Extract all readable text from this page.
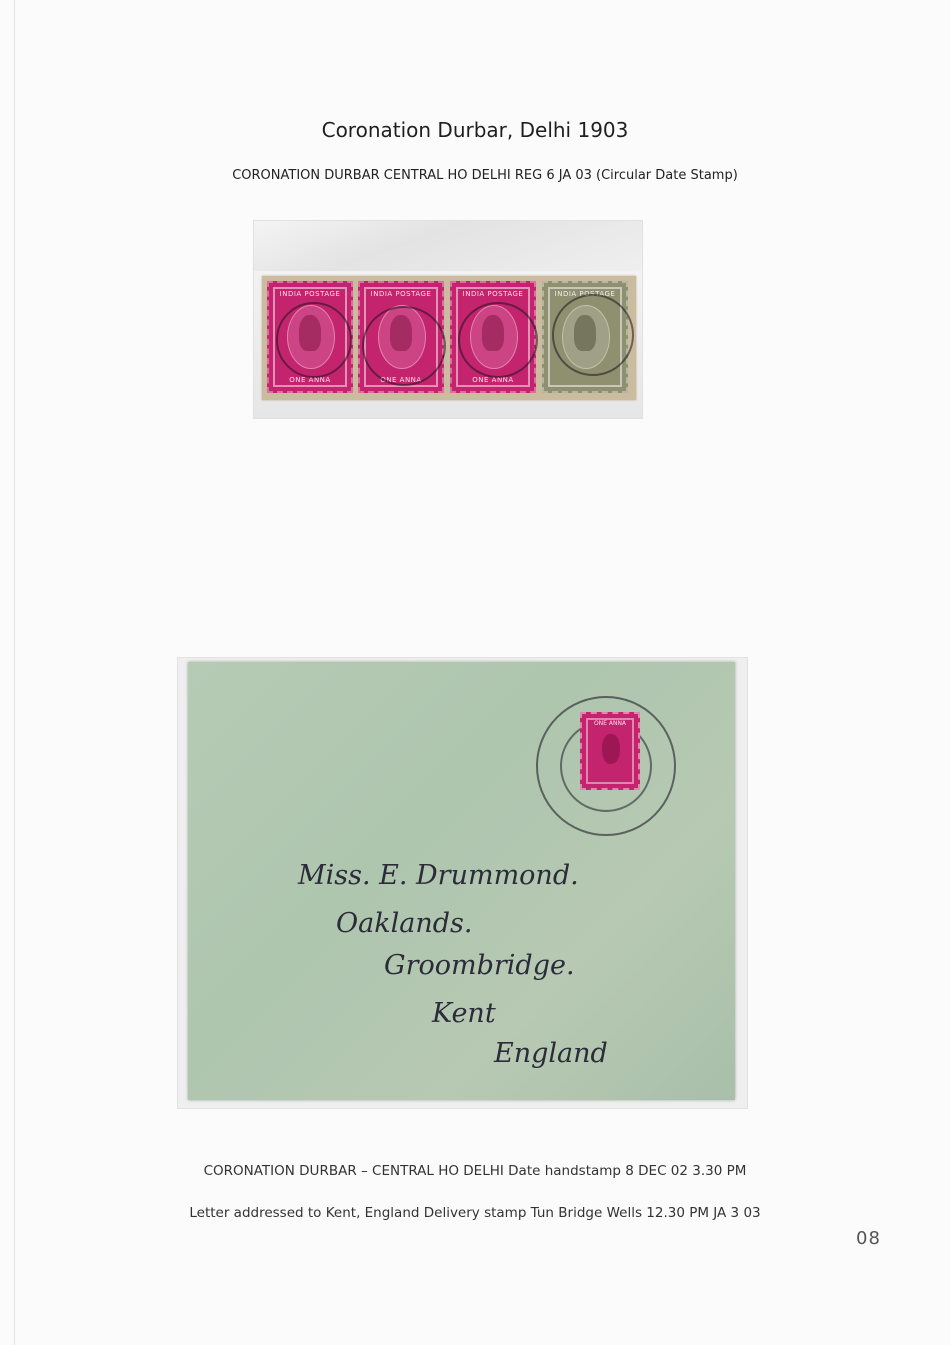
Coronation Durbar, Delhi 1903
CORONATION DURBAR CENTRAL HO DELHI REG 6 JA 03 (Circular Date Stamp)
INDIA POSTAGE
ONE ANNA
INDIA POSTAGE
ONE ANNA
INDIA POSTAGE
ONE ANNA
INDIA POSTAGE
ONE ANNA
Miss. E. Drummond.
Oaklands.
Groombridge.
Kent
England
CORONATION DURBAR – CENTRAL HO DELHI Date handstamp 8 DEC 02 3.30 PM
Letter addressed to Kent, England Delivery stamp Tun Bridge Wells 12.30 PM JA 3 03
08
